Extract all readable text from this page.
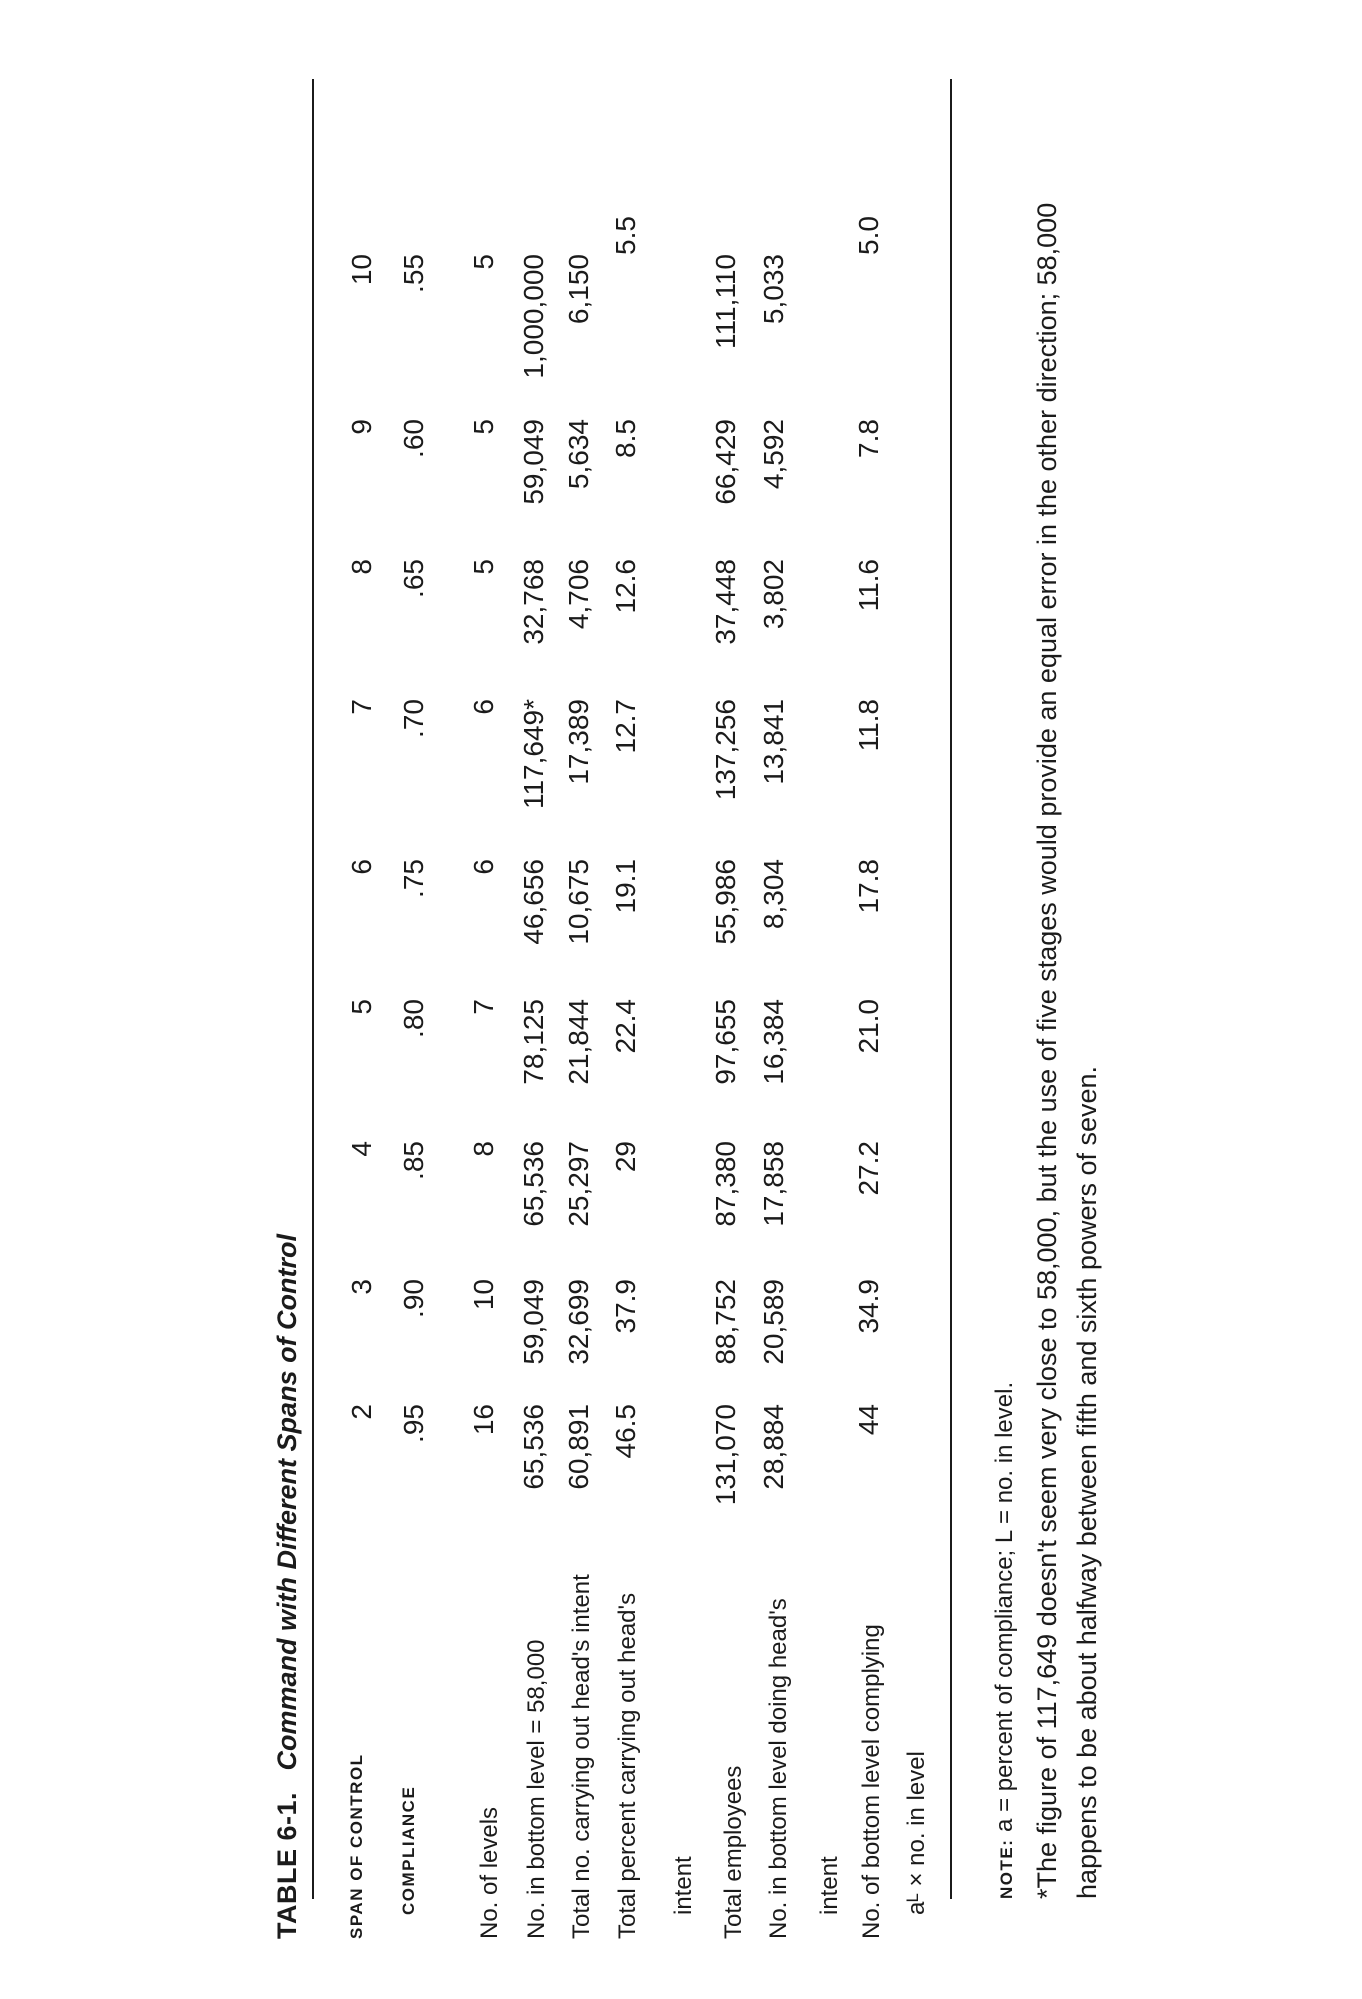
TABLE 6-1. Command with Different Spans of Control
SPAN OF CONTROL COMPLIANCE No. of levels No. in bottom level = 58,000 Total no. carrying out head's intent Total percent carrying out head's intent Total employees No. in bottom level doing head's intent No. of bottom level complying aᴸ × no. in level	NOTE: a = percent of compliance; L = no. in level. *The figure of 117,649 doesn't seem very close to 58,000, but the use of five stages would provide an equal error in the other direction; 58,000 happens to be about halfway between fifth and sixth powers of seven.

2
3
4
5
6
7
8
9
10
.95
.90
.85
.80
.75
.70
.65
.60
.55
16
10
8
7
6
6
5
5
5
65,536
59,049
65,536
78,125
46,656
117,649*
32,768
59,049
1,000,000
60,891
32,699
25,297
21,844
10,675
17,389
4,706
5,634
6,150
46.5
37.9
29
22.4
19.1
12.7
12.6
8.5
5.5
131,070
88,752
87,380
97,655
55,986
137,256
37,448
66,429
111,110
28,884
20,589
17,858
16,384
8,304
13,841
3,802
4,592
5,033
44
34.9
27.2
21.0
17.8
11.8
11.6
7.8
5.0
